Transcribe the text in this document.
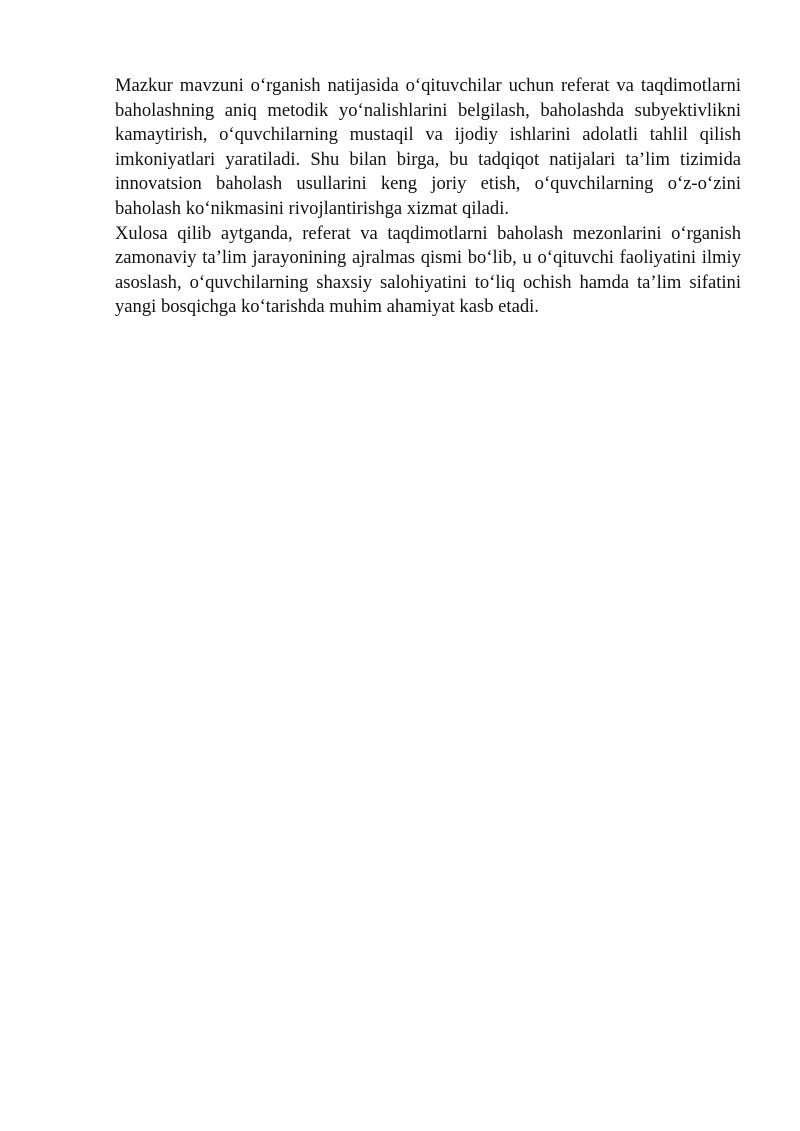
Mazkur mavzuni o‘rganish natijasida o‘qituvchilar uchun referat va taqdimotlarni baholashning aniq metodik yo‘nalishlarini belgilash, baholashda subyektivlikni kamaytirish, o‘quvchilarning mustaqil va ijodiy ishlarini adolatli tahlil qilish imkoniyatlari yaratiladi. Shu bilan birga, bu tadqiqot natijalari ta’lim tizimida innovatsion baholash usullarini keng joriy etish, o‘quvchilarning o‘z-o‘zini baholash ko‘nikmasini rivojlantirishga xizmat qiladi.

Xulosa qilib aytganda, referat va taqdimotlarni baholash mezonlarini o‘rganish zamonaviy ta’lim jarayonining ajralmas qismi bo‘lib, u o‘qituvchi faoliyatini ilmiy asoslash, o‘quvchilarning shaxsiy salohiyatini to‘liq ochish hamda ta’lim sifatini yangi bosqichga ko‘tarishda muhim ahamiyat kasb etadi.
